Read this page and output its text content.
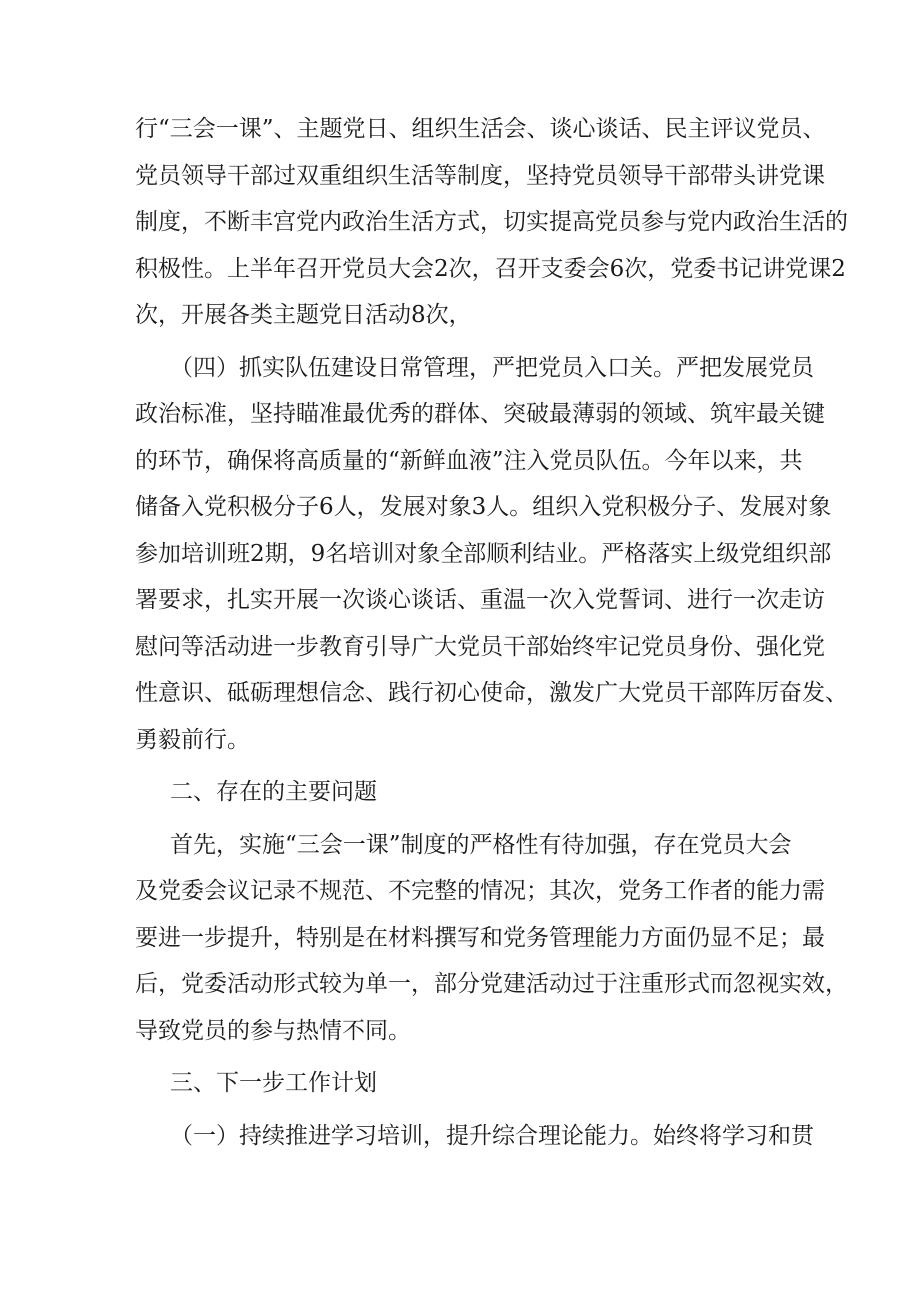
行“三会一课”、主题党日、组织生活会、谈心谈话、民主评议党员、
党员领导干部过双重组织生活等制度，坚持党员领导干部带头讲党课
制度，不断丰宫党内政治生活方式，切实提高党员参与党内政治生活的
积极性。上半年召开党员大会2次，召开支委会6次，党委书记讲党课2
次，开展各类主题党日活动8次，

（四）抓实队伍建设日常管理，严把党员入口关。严把发展党员
政治标准，坚持瞄准最优秀的群体、突破最薄弱的领域、筑牢最关键
的环节，确保将高质量的“新鲜血液”注入党员队伍。今年以来，共
储备入党积极分子6人，发展对象3人。组织入党积极分子、发展对象
参加培训班2期，9名培训对象全部顺利结业。严格落实上级党组织部
署要求，扎实开展一次谈心谈话、重温一次入党誓词、进行一次走访
慰问等活动进一步教育引导广大党员干部始终牢记党员身份、强化党
性意识、砥砺理想信念、践行初心使命，激发广大党员干部阵厉奋发、
勇毅前行。

二、存在的主要问题

首先，实施“三会一课”制度的严格性有待加强，存在党员大会
及党委会议记录不规范、不完整的情况；其次，党务工作者的能力需
要进一步提升，特别是在材料撰写和党务管理能力方面仍显不足；最
后，党委活动形式较为单一，部分党建活动过于注重形式而忽视实效，
导致党员的参与热情不同。

三、下一步工作计划

（一）持续推进学习培训，提升综合理论能力。始终将学习和贯
